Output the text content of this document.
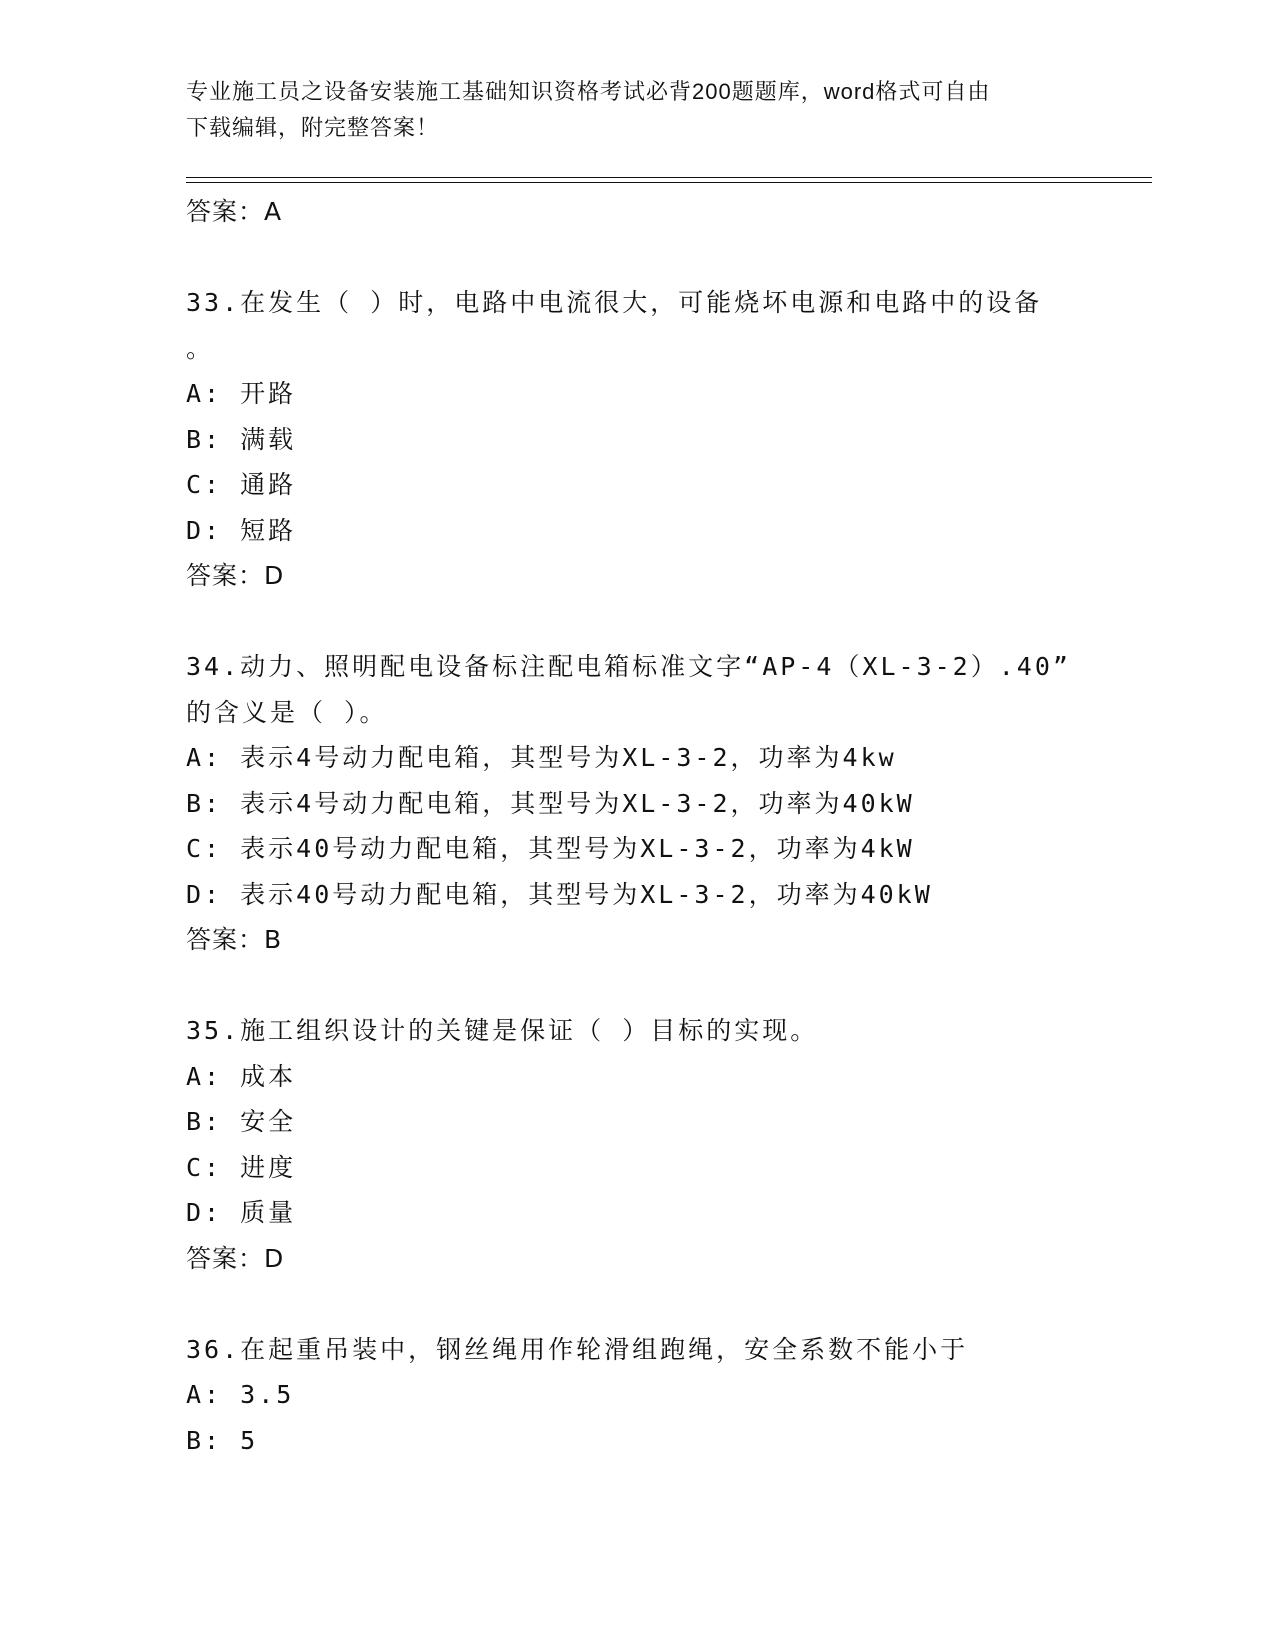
专业施工员之设备安装施工基础知识资格考试必背200题题库，word格式可自由
下载编辑，附完整答案！
答案：A
33.在发生（ ）时，电路中电流很大，可能烧坏电源和电路中的设备
。
A: 开路
B: 满载
C: 通路
D: 短路
答案：D
34.动力、照明配电设备标注配电箱标准文字“AP-4（XL-3-2）.40”
的含义是（ ）。
A: 表示4号动力配电箱，其型号为XL-3-2，功率为4kw
B: 表示4号动力配电箱，其型号为XL-3-2，功率为40kW
C: 表示40号动力配电箱，其型号为XL-3-2，功率为4kW
D: 表示40号动力配电箱，其型号为XL-3-2，功率为40kW
答案：B
35.施工组织设计的关键是保证（ ）目标的实现。
A: 成本
B: 安全
C: 进度
D: 质量
答案：D
36.在起重吊装中，钢丝绳用作轮滑组跑绳，安全系数不能小于
A: 3.5
B: 5
